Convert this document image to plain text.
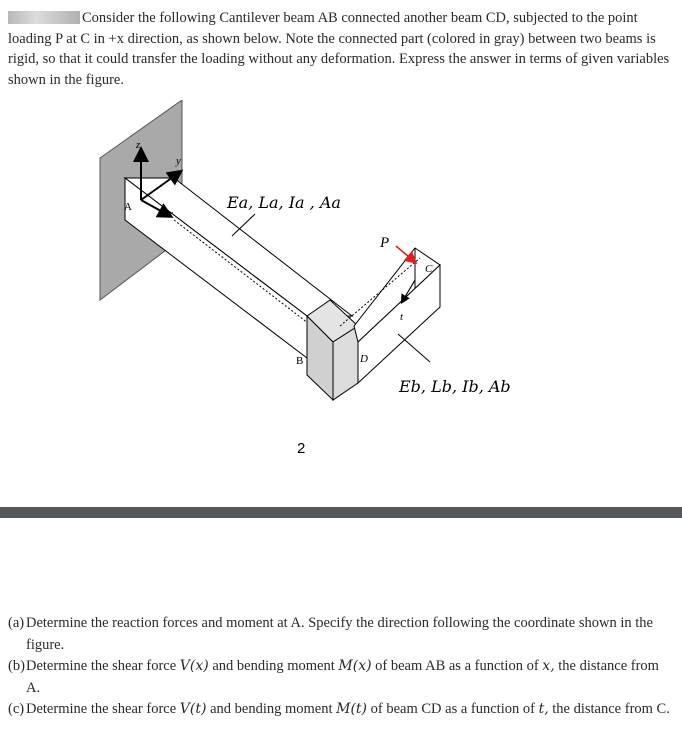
Consider the following Cantilever beam AB connected another beam CD, subjected to the point loading P at C in +x direction, as shown below. Note the connected part (colored in gray) between two beams is rigid, so that it could transfer the loading without any deformation. Express the answer in terms of given variables shown in the figure.

z
y
x
A	Ea, La, Ia , Aa
P
C
t
B	D
Eb, Lb, Ib, Ab
2
(a) Determine the reaction forces and moment at A. Specify the direction following the coordinate shown in the figure.
(b) Determine the shear force V(x) and bending moment M(x) of beam AB as a function of x, the distance from A.
(c) Determine the shear force V(t) and bending moment M(t) of beam CD as a function of t, the distance from C.
